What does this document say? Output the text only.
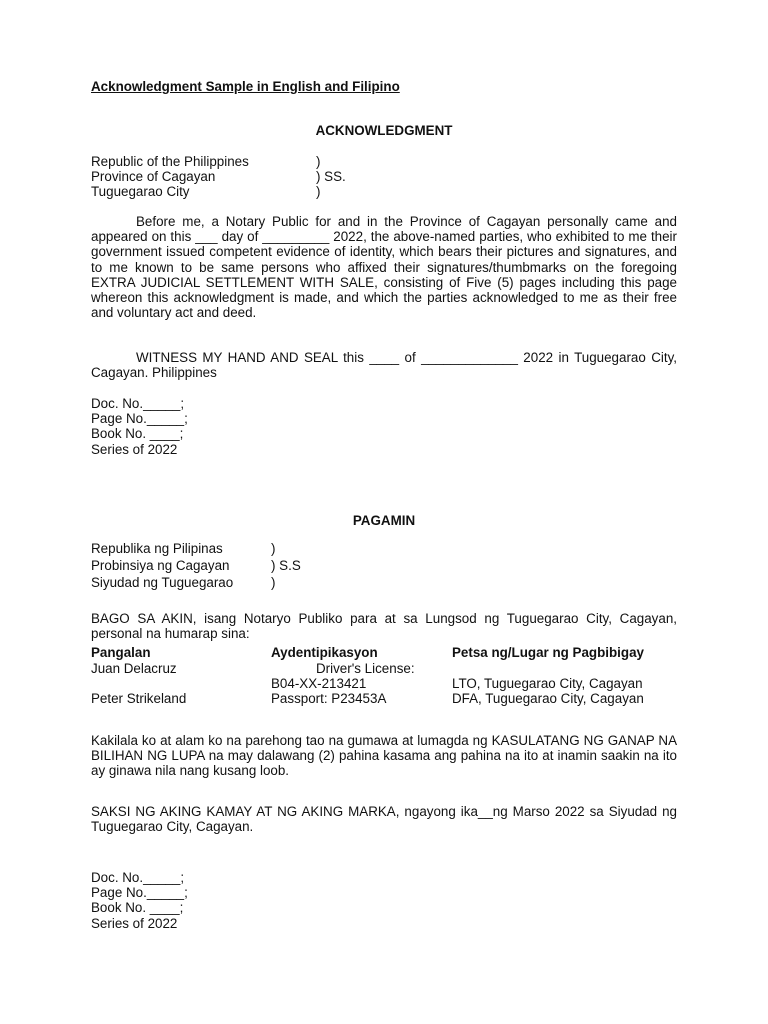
Acknowledgment Sample in English and Filipino
ACKNOWLEDGMENT
Republic of the Philippines	)
Province of Cagayan	) SS.
Tuguegarao City	)

Before me, a Notary Public for and in the Province of Cagayan personally came and appeared on this ___ day of _________ 2022, the above-named parties, who exhibited to me their government issued competent evidence of identity, which bears their pictures and signatures, and to me known to be same persons who affixed their signatures/thumbmarks on the foregoing EXTRA JUDICIAL SETTLEMENT WITH SALE, consisting of Five (5) pages including this page whereon this acknowledgment is made, and which the parties acknowledged to me as their free and voluntary act and deed.

WITNESS MY HAND AND SEAL this ____ of _____________ 2022 in Tuguegarao City, Cagayan. Philippines

Doc. No._____;
Page No._____;
Book No. ____;
Series of 2022
PAGAMIN
Republika ng Pilipinas	)
Probinsiya ng Cagayan	) S.S
Siyudad ng Tuguegarao	)

BAGO SA AKIN, isang Notaryo Publiko para at sa Lungsod ng Tuguegarao City, Cagayan, personal na humarap sina:

Pangalan	Aydentipikasyon	Petsa ng/Lugar ng Pagbibigay
Juan Delacruz	Driver's License:	
	B04-XX-213421	LTO, Tuguegarao City, Cagayan
Peter Strikeland	Passport: P23453A	DFA, Tuguegarao City, Cagayan

Kakilala ko at alam ko na parehong tao na gumawa at lumagda ng KASULATANG NG GANAP NA BILIHAN NG LUPA na may dalawang (2) pahina kasama ang pahina na ito at inamin saakin na ito ay ginawa nila nang kusang loob.

SAKSI NG AKING KAMAY AT NG AKING MARKA, ngayong ika__ng Marso 2022 sa Siyudad ng Tuguegarao City, Cagayan.

Doc. No._____;
Page No._____;
Book No. ____;
Series of 2022
